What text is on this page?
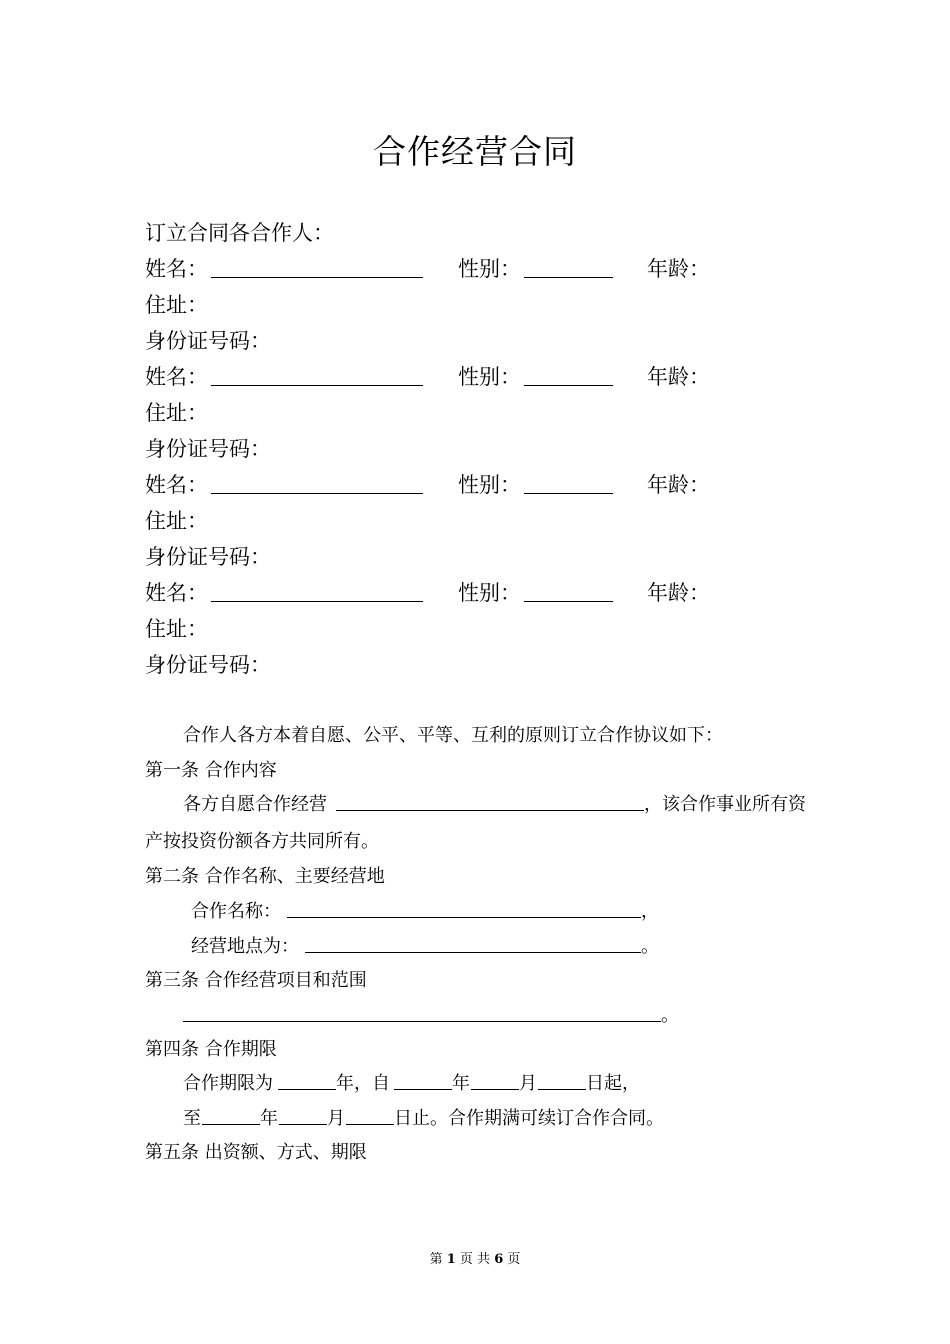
合作经营合同
订立合同各合作人：
姓名：	性别：	年龄：
住址：
身份证号码：
姓名：	性别：	年龄：
住址：
身份证号码：
姓名：	性别：	年龄：
住址：
身份证号码：
姓名：	性别：	年龄：
住址：
身份证号码：
合作人各方本着自愿、公平、平等、互利的原则订立合作协议如下：
第一条 合作内容
各方自愿合作经营	，该合作事业所有资
产按投资份额各方共同所有。
第二条 合作名称、主要经营地
合作名称：	，
经营地点为：	。
第三条 合作经营项目和范围
。
第四条 合作期限
合作期限为	年，自	年	月	日起，
至	年	月	日止。合作期满可续订合作合同。
第五条 出资额、方式、期限
第 1 页 共 6 页
